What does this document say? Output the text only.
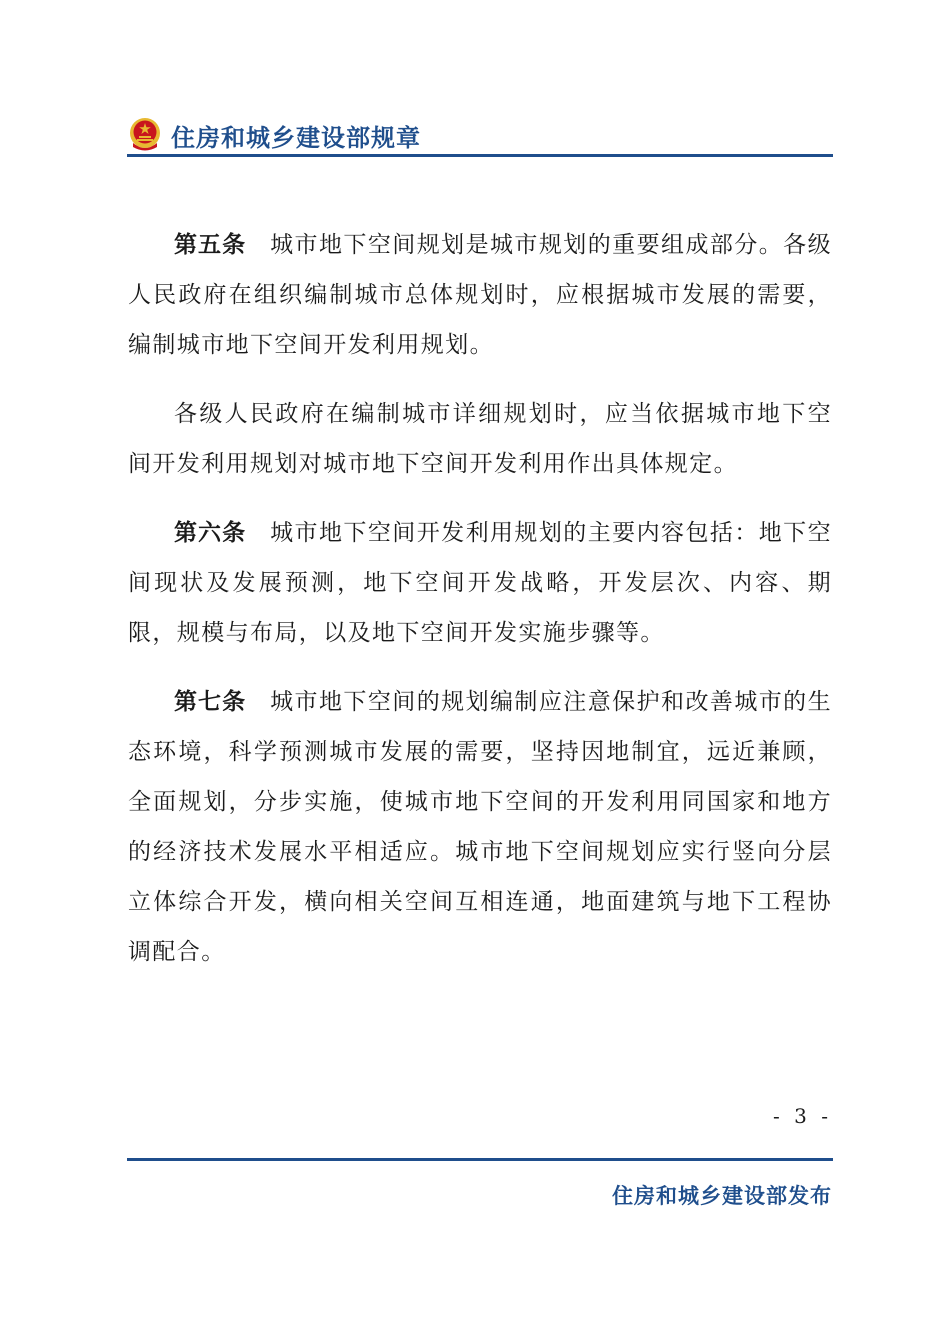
住房和城乡建设部规章

第五条 城市地下空间规划是城市规划的重要组成部分。各级人民政府在组织编制城市总体规划时，应根据城市发展的需要，编制城市地下空间开发利用规划。

各级人民政府在编制城市详细规划时，应当依据城市地下空间开发利用规划对城市地下空间开发利用作出具体规定。

第六条 城市地下空间开发利用规划的主要内容包括：地下空间现状及发展预测，地下空间开发战略，开发层次、内容、期限，规模与布局，以及地下空间开发实施步骤等。

第七条 城市地下空间的规划编制应注意保护和改善城市的生态环境，科学预测城市发展的需要，坚持因地制宜，远近兼顾，全面规划，分步实施，使城市地下空间的开发利用同国家和地方的经济技术发展水平相适应。城市地下空间规划应实行竖向分层立体综合开发，横向相关空间互相连通，地面建筑与地下工程协调配合。

- 3 -
住房和城乡建设部发布
